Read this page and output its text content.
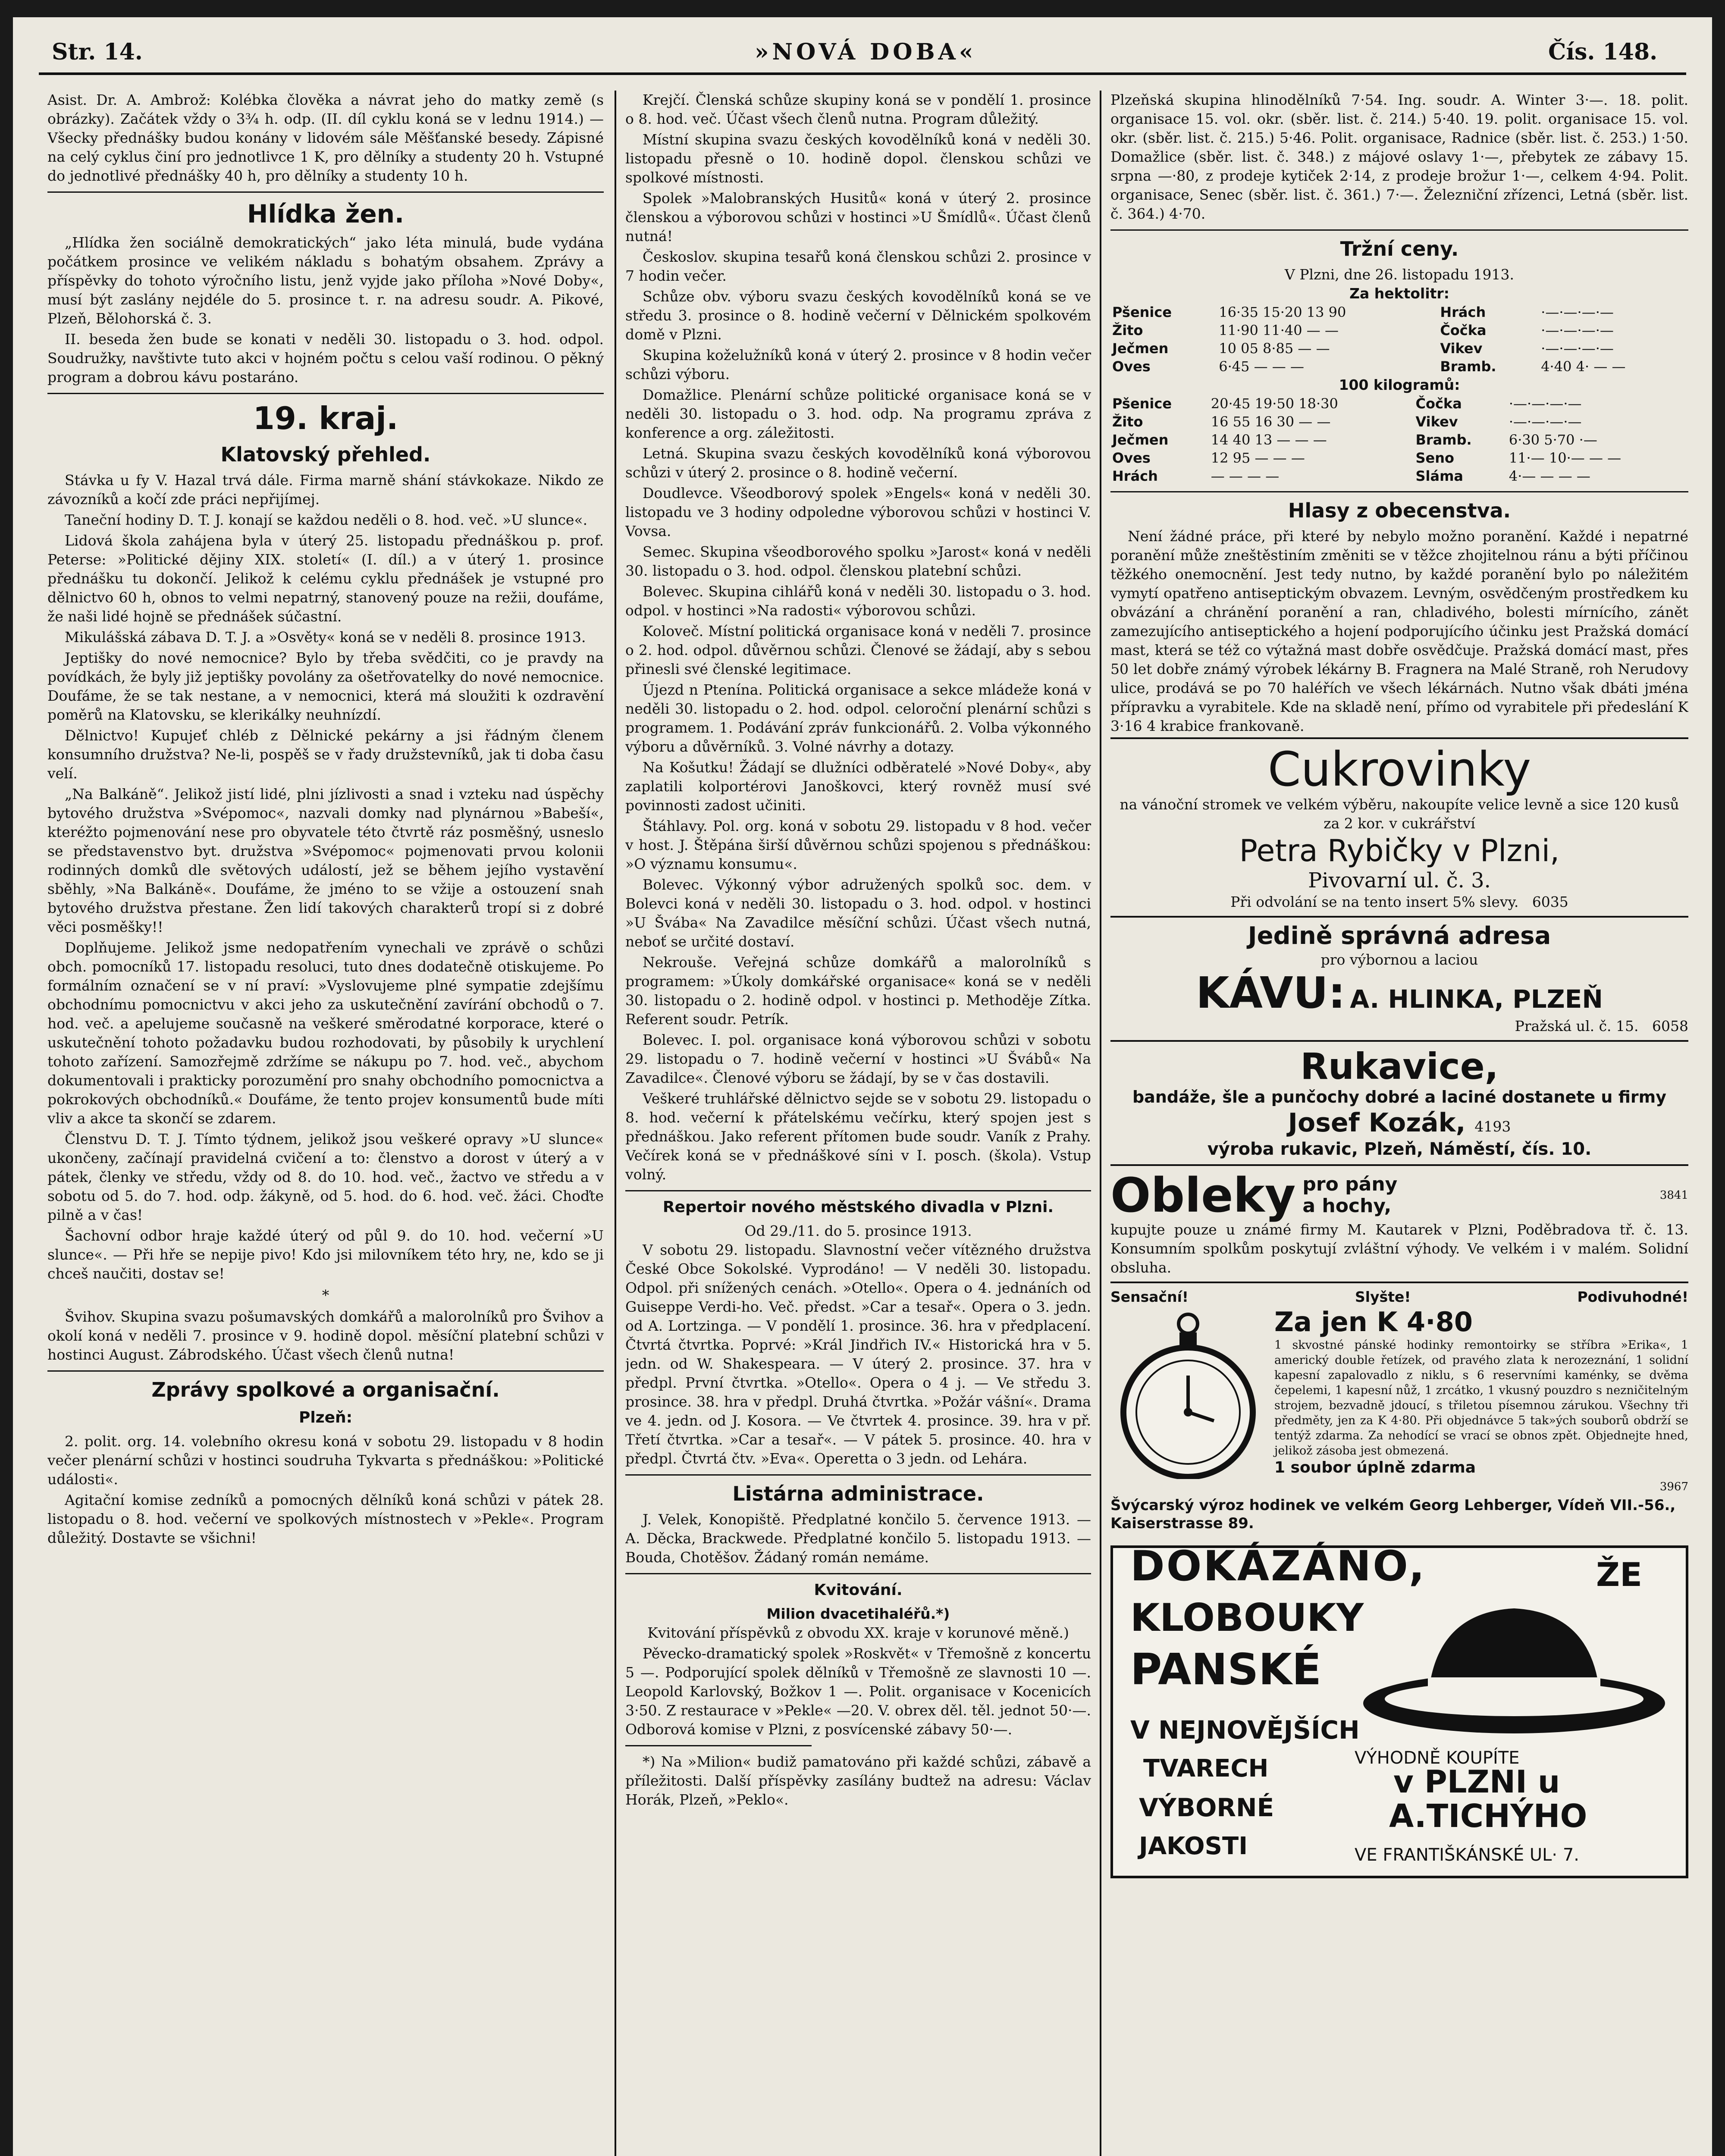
Str. 14.	»NOVÁ DOBA«	Čís. 148.

Asist. Dr. A. Ambrož: Kolébka člověka a návrat jeho do matky země (s obrázky). Začátek vždy o 3¾ h. odp. (II. díl cyklu koná se v lednu 1914.) — Všecky přednášky budou konány v lidovém sále Měšťanské besedy. Zápisné na celý cyklus činí pro jednotlivce 1 K, pro dělníky a studenty 20 h. Vstupné do jednotlivé přednášky 40 h, pro dělníky a studenty 10 h.

Hlídka žen.

„Hlídka žen sociálně demokratických“ jako léta minulá, bude vydána počátkem prosince ve velikém nákladu s bohatým obsahem. Zprávy a příspěvky do tohoto výročního listu, jenž vyjde jako příloha »Nové Doby«, musí být zaslány nejdéle do 5. prosince t. r. na adresu soudr. A. Pikové, Plzeň, Bělohorská č. 3.

II. beseda žen bude se konati v neděli 30. listopadu o 3. hod. odpol. Soudružky, navštivte tuto akci v hojném počtu s celou vaší rodinou. O pěkný program a dobrou kávu postaráno.

19. kraj.
Klatovský přehled.

Stávka u fy V. Hazal trvá dále. Firma marně shání stávkokaze. Nikdo ze závozníků a kočí zde práci nepřijímej.

Taneční hodiny D. T. J. konají se každou neděli o 8. hod. več. »U slunce«.

Lidová škola zahájena byla v úterý 25. listopadu přednáškou p. prof. Peterse: »Politické dějiny XIX. století« (I. díl.) a v úterý 1. prosince přednášku tu dokončí. Jelikož k celému cyklu přednášek je vstupné pro dělnictvo 60 h, obnos to velmi nepatrný, stanovený pouze na režii, doufáme, že naši lidé hojně se přednášek súčastní.

Mikulášská zábava D. T. J. a »Osvěty« koná se v neděli 8. prosince 1913.

Jeptišky do nové nemocnice? Bylo by třeba svědčiti, co je pravdy na povídkách, že byly již jeptišky povolány za ošetřovatelky do nové nemocnice. Doufáme, že se tak nestane, a v nemocnici, která má sloužiti k ozdravění poměrů na Klatovsku, se klerikálky neuhnízdí.

Dělnictvo! Kupujeť chléb z Dělnické pekárny a jsi řádným členem konsumního družstva? Ne-li, pospěš se v řady družstevníků, jak ti doba času velí.

„Na Balkáně“. Jelikož jistí lidé, plni jízlivosti a snad i vzteku nad úspěchy bytového družstva »Svépomoc«, nazvali domky nad plynárnou »Babeší«, kteréžto pojmenování nese pro obyvatele této čtvrtě ráz posměšný, usneslo se představenstvo byt. družstva »Svépomoc« pojmenovati prvou kolonii rodinných domků dle světových událostí, jež se během jejího vystavění sběhly, »Na Balkáně«. Doufáme, že jméno to se vžije a ostouzení snah bytového družstva přestane. Žen lidí takových charakterů tropí si z dobré věci posměšky!!

Doplňujeme. Jelikož jsme nedopatřením vynechali ve zprávě o schůzi obch. pomocníků 17. listopadu resoluci, tuto dnes dodatečně otiskujeme. Po formálním označení se v ní praví: »Vyslovujeme plné sympatie zdejšímu obchodnímu pomocnictvu v akci jeho za uskutečnění zavírání obchodů o 7. hod. več. a apelujeme současně na veškeré směrodatné korporace, které o uskutečnění tohoto požadavku budou rozhodovati, by působily k urychlení tohoto zařízení. Samozřejmě zdržíme se nákupu po 7. hod. več., abychom dokumentovali i prakticky porozumění pro snahy obchodního pomocnictva a pokrokových obchodníků.« Doufáme, že tento projev konsumentů bude míti vliv a akce ta skončí se zdarem.

Členstvu D. T. J. Tímto týdnem, jelikož jsou veškeré opravy »U slunce« ukončeny, začínají pravidelná cvičení a to: členstvo a dorost v úterý a v pátek, členky ve středu, vždy od 8. do 10. hod. več., žactvo ve středu a v sobotu od 5. do 7. hod. odp. žákyně, od 5. hod. do 6. hod. več. žáci. Choďte pilně a v čas!

Šachovní odbor hraje každé úterý od půl 9. do 10. hod. večerní »U slunce«. — Při hře se nepije pivo! Kdo jsi milovníkem této hry, ne, kdo se ji chceš naučiti, dostav se!

*

Švihov. Skupina svazu pošumavských domkářů a malorolníků pro Švihov a okolí koná v neděli 7. prosince v 9. hodině dopol. měsíční platební schůzi v hostinci August. Zábrodského. Účast všech členů nutna!

Zprávy spolkové a organisační.
Plzeň:

2. polit. org. 14. volebního okresu koná v sobotu 29. listopadu v 8 hodin večer plenární schůzi v hostinci soudruha Tykvarta s přednáškou: »Politické události«.

Agitační komise zedníků a pomocných dělníků koná schůzi v pátek 28. listopadu o 8. hod. večerní ve spolkových místnostech v »Pekle«. Program důležitý. Dostavte se všichni!

Krejčí. Členská schůze skupiny koná se v pondělí 1. prosince o 8. hod. več. Účast všech členů nutna. Program důležitý.

Místní skupina svazu českých kovodělníků koná v neděli 30. listopadu přesně o 10. hodině dopol. členskou schůzi ve spolkové místnosti.

Spolek »Malobranských Husitů« koná v úterý 2. prosince členskou a výborovou schůzi v hostinci »U Šmídlů«. Účast členů nutná!

Českoslov. skupina tesařů koná členskou schůzi 2. prosince v 7 hodin večer.

Schůze obv. výboru svazu českých kovodělníků koná se ve středu 3. prosince o 8. hodině večerní v Dělnickém spolkovém domě v Plzni.

Skupina koželužníků koná v úterý 2. prosince v 8 hodin večer schůzi výboru.

Domažlice. Plenární schůze politické organisace koná se v neděli 30. listopadu o 3. hod. odp. Na programu zpráva z konference a org. záležitosti.

Letná. Skupina svazu českých kovodělníků koná výborovou schůzi v úterý 2. prosince o 8. hodině večerní.

Doudlevce. Všeodborový spolek »Engels« koná v neděli 30. listopadu ve 3 hodiny odpoledne výborovou schůzi v hostinci V. Vovsa.

Semec. Skupina všeodborového spolku »Jarost« koná v neděli 30. listopadu o 3. hod. odpol. členskou platební schůzi.

Bolevec. Skupina cihlářů koná v neděli 30. listopadu o 3. hod. odpol. v hostinci »Na radosti« výborovou schůzi.

Koloveč. Místní politická organisace koná v neděli 7. prosince o 2. hod. odpol. důvěrnou schůzi. Členové se žádají, aby s sebou přinesli své členské legitimace.

Újezd n Ptenína. Politická organisace a sekce mládeže koná v neděli 30. listopadu o 2. hod. odpol. celoroční plenární schůzi s programem. 1. Podávání zpráv funkcionářů. 2. Volba výkonného výboru a důvěrníků. 3. Volné návrhy a dotazy.

Na Košutku! Žádají se dlužníci odběratelé »Nové Doby«, aby zaplatili kolportérovi Janoškovci, který rovněž musí své povinnosti zadost učiniti.

Štáhlavy. Pol. org. koná v sobotu 29. listopadu v 8 hod. večer v host. J. Štěpána širší důvěrnou schůzi spojenou s přednáškou: »O významu konsumu«.

Bolevec. Výkonný výbor adružených spolků soc. dem. v Bolevci koná v neděli 30. listopadu o 3. hod. odpol. v hostinci »U Švába« Na Zavadilce měsíční schůzi. Účast všech nutná, neboť se určité dostaví.

Nekrouše. Veřejná schůze domkářů a malorolníků s programem: »Úkoly domkářské organisace« koná se v neděli 30. listopadu o 2. hodině odpol. v hostinci p. Methoděje Zítka. Referent soudr. Petrík.

Bolevec. I. pol. organisace koná výborovou schůzi v sobotu 29. listopadu o 7. hodině večerní v hostinci »U Švábů« Na Zavadilce«. Členové výboru se žádají, by se v čas dostavili.

Veškeré truhlářské dělnictvo sejde se v sobotu 29. listopadu o 8. hod. večerní k přátelskému večírku, který spojen jest s přednáškou. Jako referent přítomen bude soudr. Vaník z Prahy. Večírek koná se v přednáškové síni v I. posch. (škola). Vstup volný.

Repertoir nového městského divadla v Plzni.
Od 29./11. do 5. prosince 1913.

V sobotu 29. listopadu. Slavnostní večer vítězného družstva České Obce Sokolské. Vyprodáno! — V neděli 30. listopadu. Odpol. při snížených cenách. »Otello«. Opera o 4. jednáních od Guiseppe Verdi-ho. Več. předst. »Car a tesař«. Opera o 3. jedn. od A. Lortzinga. — V pondělí 1. prosince. 36. hra v předplacení. Čtvrtá čtvrtka. Poprvé: »Král Jindřich IV.« Historická hra v 5. jedn. od W. Shakespeara. — V úterý 2. prosince. 37. hra v předpl. První čtvrtka. »Otello«. Opera o 4 j. — Ve středu 3. prosince. 38. hra v předpl. Druhá čtvrtka. »Požár vášní«. Drama ve 4. jedn. od J. Kosora. — Ve čtvrtek 4. prosince. 39. hra v př. Třetí čtvrtka. »Car a tesař«. — V pátek 5. prosince. 40. hra v předpl. Čtvrtá čtv. »Eva«. Operetta o 3 jedn. od Lehára.

Listárna administrace.

J. Velek, Konopiště. Předplatné končilo 5. července 1913. — A. Děcka, Brackwede. Předplatné končilo 5. listopadu 1913. — Bouda, Chotěšov. Žádaný román nemáme.

Kvitování.
Milion dvacetihaléřů.*)

Kvitování příspěvků z obvodu XX. kraje v korunové měně.)

Pěvecko-dramatický spolek »Roskvět« v Třemošně z koncertu 5 —. Podporující spolek dělníků v Třemošně ze slavnosti 10 —. Leopold Karlovský, Božkov 1 —. Polit. organisace v Kocenicích 3·50. Z restaurace v »Pekle« —20. V. obrex děl. těl. jednot 50·—. Odborová komise v Plzni, z posvícenské zábavy 50·—.

*) Na »Milion« budiž pamatováno při každé schůzi, zábavě a příležitosti. Další příspěvky zasílány budtež na adresu: Václav Horák, Plzeň, »Peklo«.

Plzeňská skupina hlinodělníků 7·54. Ing. soudr. A. Winter 3·—. 18. polit. organisace 15. vol. okr. (sběr. list. č. 214.) 5·40. 19. polit. organisace 15. vol. okr. (sběr. list. č. 215.) 5·46. Polit. organisace, Radnice (sběr. list. č. 253.) 1·50. Domažlice (sběr. list. č. 348.) z májové oslavy 1·—, přebytek ze zábavy 15. srpna —·80, z prodeje kytiček 2·14, z prodeje brožur 1·—, celkem 4·94. Polit. organisace, Senec (sběr. list. č. 361.) 7·—. Železniční zřízenci, Letná (sběr. list. č. 364.) 4·70.

Tržní ceny.
V Plzni, dne 26. listopadu 1913.
Za hektolitr:
Pšenice	16·35 15·20 13 90	Hrách	·—·—·—·—
Žito	11·90 11·40 — —	Čočka	·—·—·—·—
Ječmen	10 05 8·85 — —	Vikev	·—·—·—·—
Oves	6·45 — — —	Bramb.	4·40 4· — —
100 kilogramů:
Pšenice	20·45 19·50 18·30	Čočka	·—·—·—·—
Žito	16 55 16 30 — —	Vikev	·—·—·—·—
Ječmen	14 40 13 — — —	Bramb.	6·30 5·70 ·—
Oves	12 95 — — —	Seno	11·— 10·— — —
Hrách	— — — —	Sláma	4·— — — —
Hlasy z obecenstva.

Není žádné práce, při které by nebylo možno poranění. Každé i nepatrné poranění může zneštěstiním změniti se v těžce zhojitelnou ránu a býti příčinou těžkého onemocnění. Jest tedy nutno, by každé poranění bylo po náležitém vymytí opatřeno antiseptickým obvazem. Levným, osvědčeným prostředkem ku obvázání a chránění poranění a ran, chladivého, bolesti mírnícího, zánět zamezujícího antiseptického a hojení podporujícího účinku jest Pražská domácí mast, která se též co výtažná mast dobře osvědčuje. Pražská domácí mast, přes 50 let dobře známý výrobek lékárny B. Fragnera na Malé Straně, roh Nerudovy ulice, prodává se po 70 haléřích ve všech lékárnách. Nutno však dbáti jména přípravku a vyrabitele. Kde na skladě není, přímo od vyrabitele při předeslání K 3·16 4 krabice frankovaně.

Cukrovinky
na vánoční stromek ve velkém výběru, nakoupíte velice levně a sice 120 kusů za 2 kor. v cukrářství
Petra Rybičky v Plzni,
Pivovarní ul. č. 3.
Při odvolání se na tento insert 5% slevy. 6035
Jedině správná adresa
pro výbornou a laciou
KÁVU: A. HLINKA, PLZEŇ
Pražská ul. č. 15. 6058
Rukavice,
bandáže, šle a punčochy dobré a laciné dostanete u firmy
Josef Kozák, 4193
výroba rukavic, Plzeň, Náměstí, čís. 10.
Obleky pro pány a hochy,	3841
kupujte pouze u známé firmy M. Kautarek v Plzni, Poděbradova tř. č. 13. Konsumním spolkům poskytují zvláštní výhody. Ve velkém i v malém. Solidní obsluha.
Sensační!	Slyšte!	Podivuhodné!
Za jen K 4·80
1 skvostné pánské hodinky remontoirky se stříbra »Erika«, 1 americký double řetízek, od pravého zlata k nerozeznání, 1 solidní kapesní zapalovadlo z niklu, s 6 reservními kaménky, se dvěma čepelemi, 1 kapesní nůž, 1 zrcátko, 1 vkusný pouzdro s nezničitelným strojem, bezvadně jdoucí, s třiletou písemnou zárukou. Všechny tři předměty, jen za K 4·80. Při objednávce 5 tak»ých souborů obdrží se tentýž zdarma. Za nehodící se vrací se obnos zpět. Objednejte hned, jelikož zásoba jest obmezená.
1 soubor úplně zdarma
3967
Švýcarský výroz hodinek ve velkém Georg Lehberger, Vídeň VII.-56., Kaiserstrasse 89.
DOKÁZÁNO,	ŽE
KLOBOUKY
PANSKÉ
V NEJNOVĚJŠÍCH
TVARECH
VÝBORNÉ
JAKOSTI
VÝHODNĚ KOUPÍTE
v PLZNI u
A.TICHÝHO
VE FRANTIŠKÁNSKÉ UL· 7.
